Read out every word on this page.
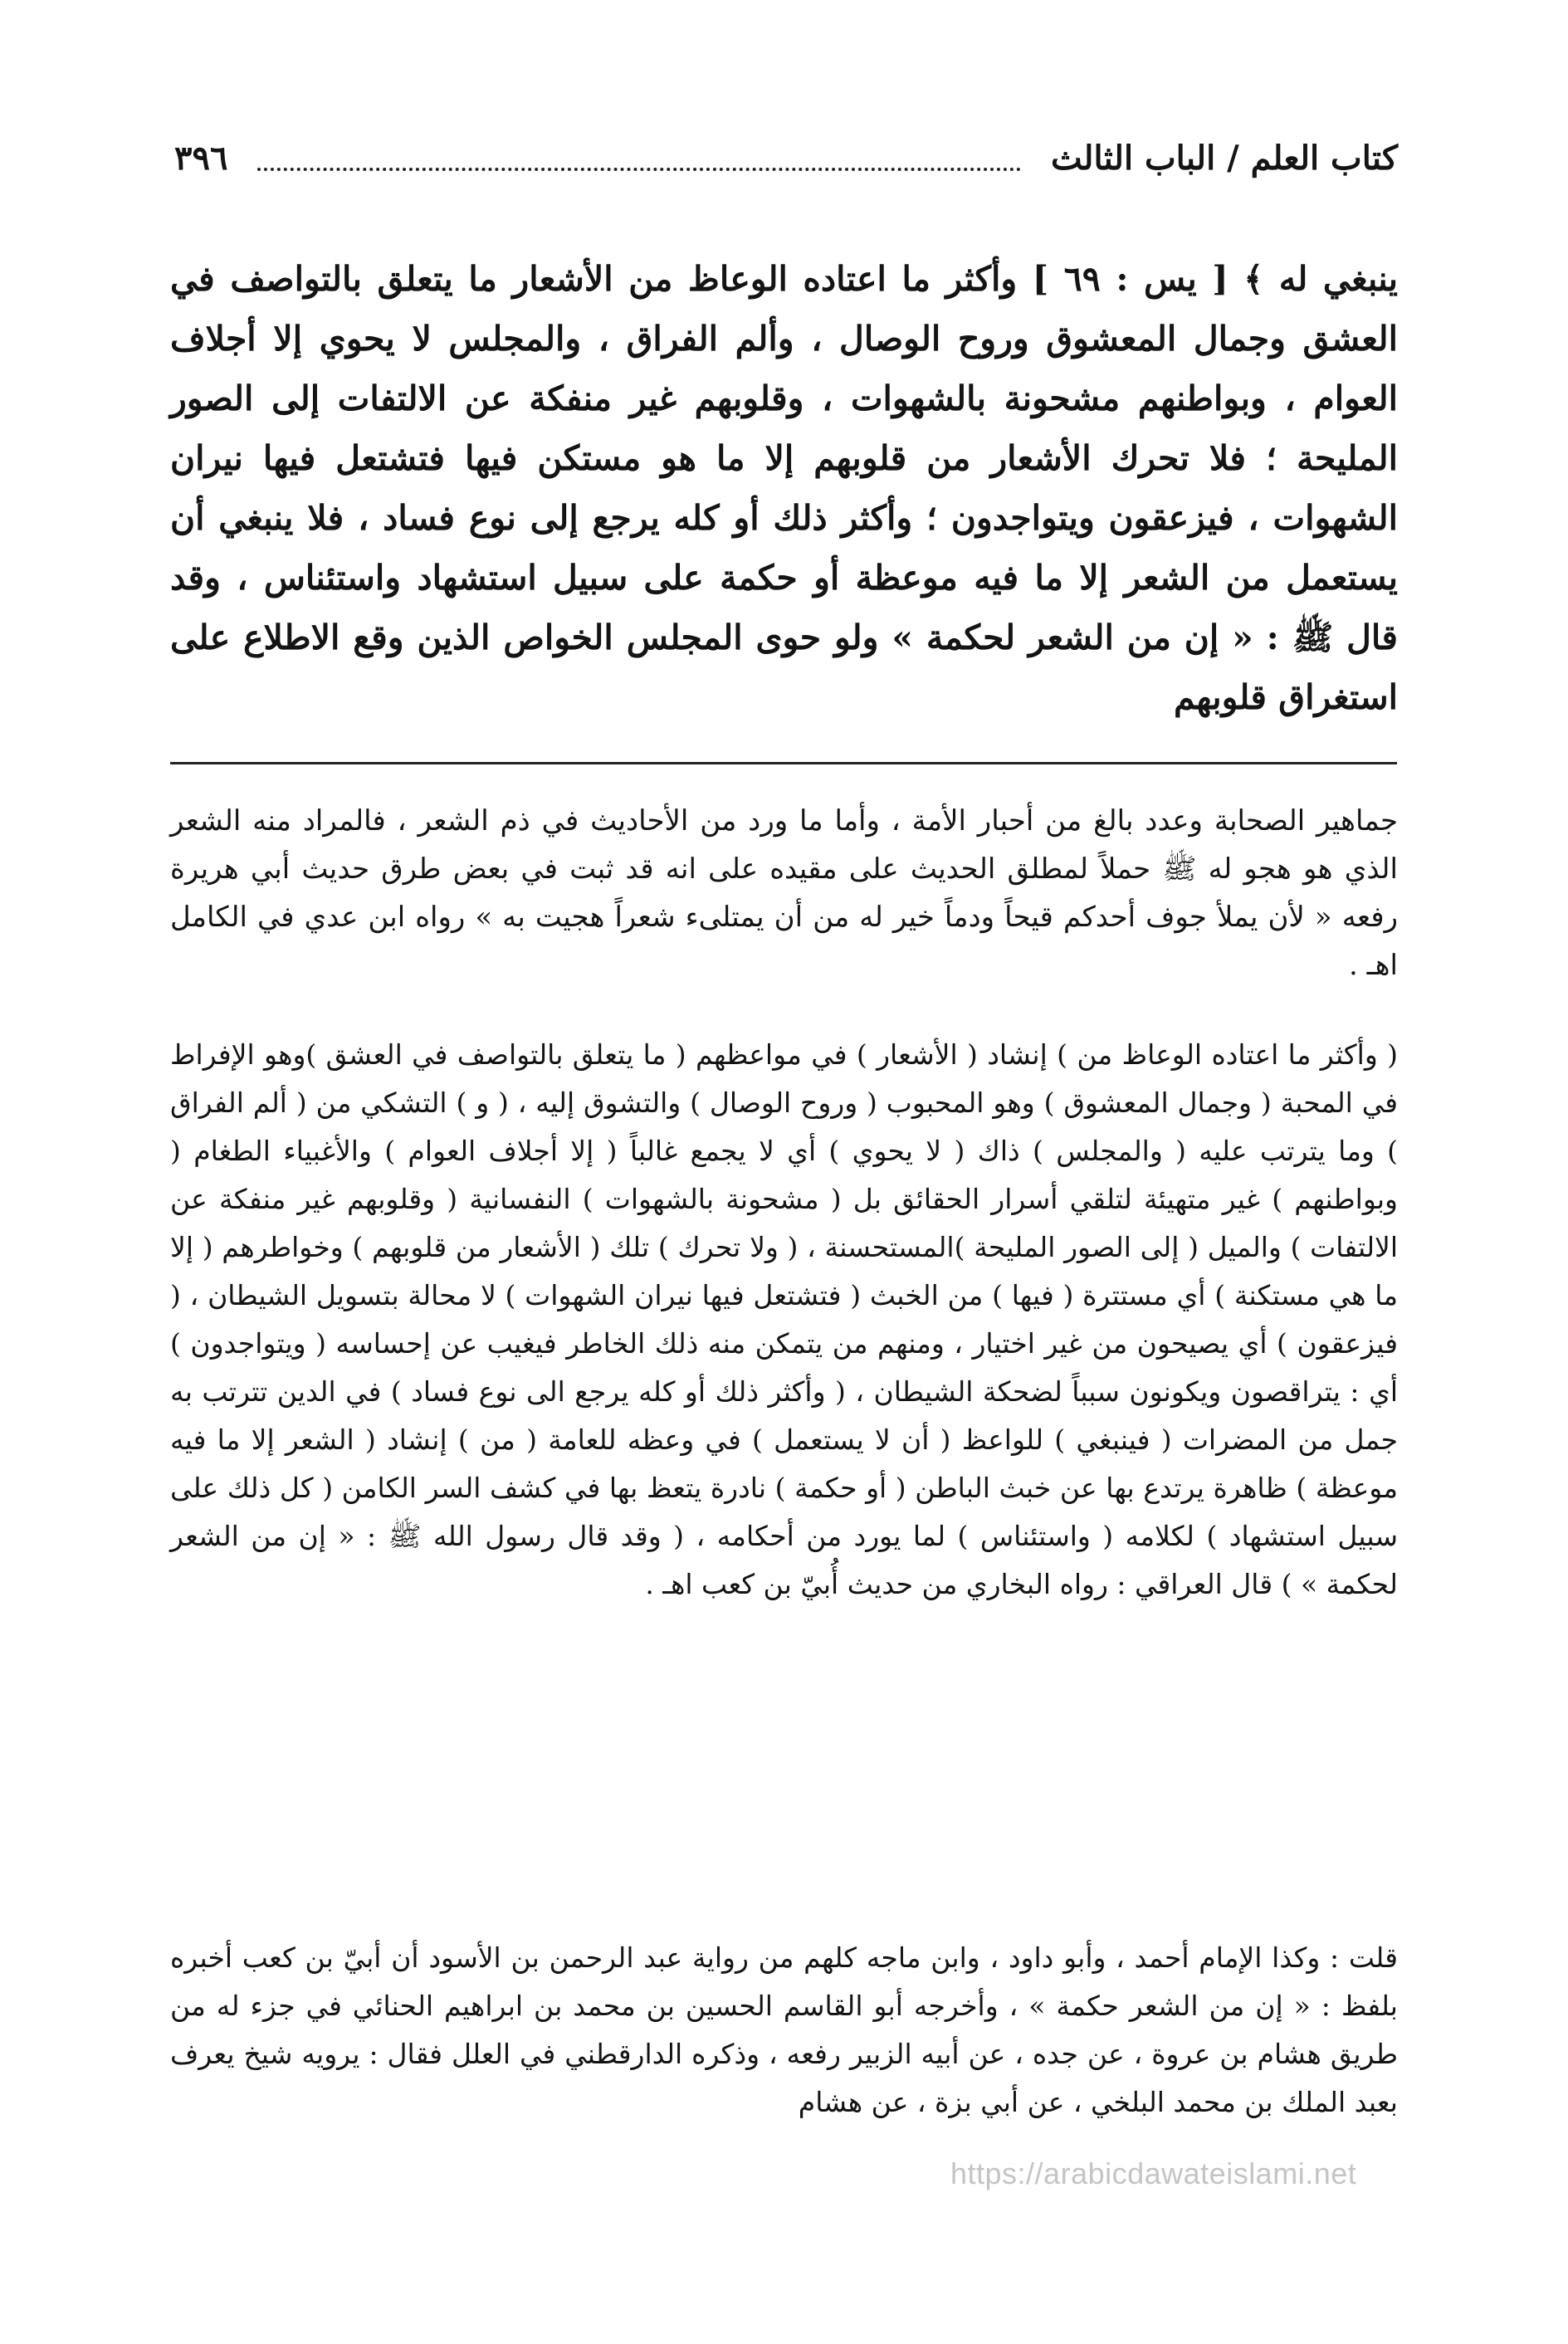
كتاب العلم / الباب الثالث
٣٩٦

ينبغي له ﴾ [ يس : ٦٩ ] وأكثر ما اعتاده الوعاظ من الأشعار ما يتعلق بالتواصف في العشق وجمال المعشوق وروح الوصال ، وألم الفراق ، والمجلس لا يحوي إلا أجلاف العوام ، وبواطنهم مشحونة بالشهوات ، وقلوبهم غير منفكة عن الالتفات إلى الصور المليحة ؛ فلا تحرك الأشعار من قلوبهم إلا ما هو مستكن فيها فتشتعل فيها نيران الشهوات ، فيزعقون ويتواجدون ؛ وأكثر ذلك أو كله يرجع إلى نوع فساد ، فلا ينبغي أن يستعمل من الشعر إلا ما فيه موعظة أو حكمة على سبيل استشهاد واستئناس ، وقد قال ﷺ : « إن من الشعر لحكمة » ولو حوى المجلس الخواص الذين وقع الاطلاع على استغراق قلوبهم

جماهير الصحابة وعدد بالغ من أحبار الأمة ، وأما ما ورد من الأحاديث في ذم الشعر ، فالمراد منه الشعر الذي هو هجو له ﷺ حملاً لمطلق الحديث على مقيده على انه قد ثبت في بعض طرق حديث أبي هريرة رفعه « لأن يملأ جوف أحدكم قيحاً ودماً خير له من أن يمتلىء شعراً هجيت به » رواه ابن عدي في الكامل اهـ .

( وأكثر ما اعتاده الوعاظ من ) إنشاد ( الأشعار ) في مواعظهم ( ما يتعلق بالتواصف في العشق )وهو الإفراط في المحبة ( وجمال المعشوق ) وهو المحبوب ( وروح الوصال ) والتشوق إليه ، ( و ) التشكي من ( ألم الفراق ) وما يترتب عليه ( والمجلس ) ذاك ( لا يحوي ) أي لا يجمع غالباً ( إلا أجلاف العوام ) والأغبياء الطغام ( وبواطنهم ) غير متهيئة لتلقي أسرار الحقائق بل ( مشحونة بالشهوات ) النفسانية ( وقلوبهم غير منفكة عن الالتفات ) والميل ( إلى الصور المليحة )المستحسنة ، ( ولا تحرك ) تلك ( الأشعار من قلوبهم ) وخواطرهم ( إلا ما هي مستكنة ) أي مستترة ( فيها ) من الخبث ( فتشتعل فيها نيران الشهوات ) لا محالة بتسويل الشيطان ، ( فيزعقون ) أي يصيحون من غير اختيار ، ومنهم من يتمكن منه ذلك الخاطر فيغيب عن إحساسه ( ويتواجدون ) أي : يتراقصون ويكونون سبباً لضحكة الشيطان ، ( وأكثر ذلك أو كله يرجع الى نوع فساد ) في الدين تترتب به جمل من المضرات ( فينبغي ) للواعظ ( أن لا يستعمل ) في وعظه للعامة ( من ) إنشاد ( الشعر إلا ما فيه موعظة ) ظاهرة يرتدع بها عن خبث الباطن ( أو حكمة ) نادرة يتعظ بها في كشف السر الكامن ( كل ذلك على سبيل استشهاد ) لكلامه ( واستئناس ) لما يورد من أحكامه ، ( وقد قال رسول الله ﷺ : « إن من الشعر لحكمة » ) قال العراقي : رواه البخاري من حديث أُبيّ بن كعب اهـ .

قلت : وكذا الإمام أحمد ، وأبو داود ، وابن ماجه كلهم من رواية عبد الرحمن بن الأسود أن أبيّ بن كعب أخبره بلفظ : « إن من الشعر حكمة » ، وأخرجه أبو القاسم الحسين بن محمد بن ابراهيم الحنائي في جزء له من طريق هشام بن عروة ، عن جده ، عن أبيه الزبير رفعه ، وذكره الدارقطني في العلل فقال : يرويه شيخ يعرف بعبد الملك بن محمد البلخي ، عن أبي بزة ، عن هشام

https://arabicdawateislami.net
